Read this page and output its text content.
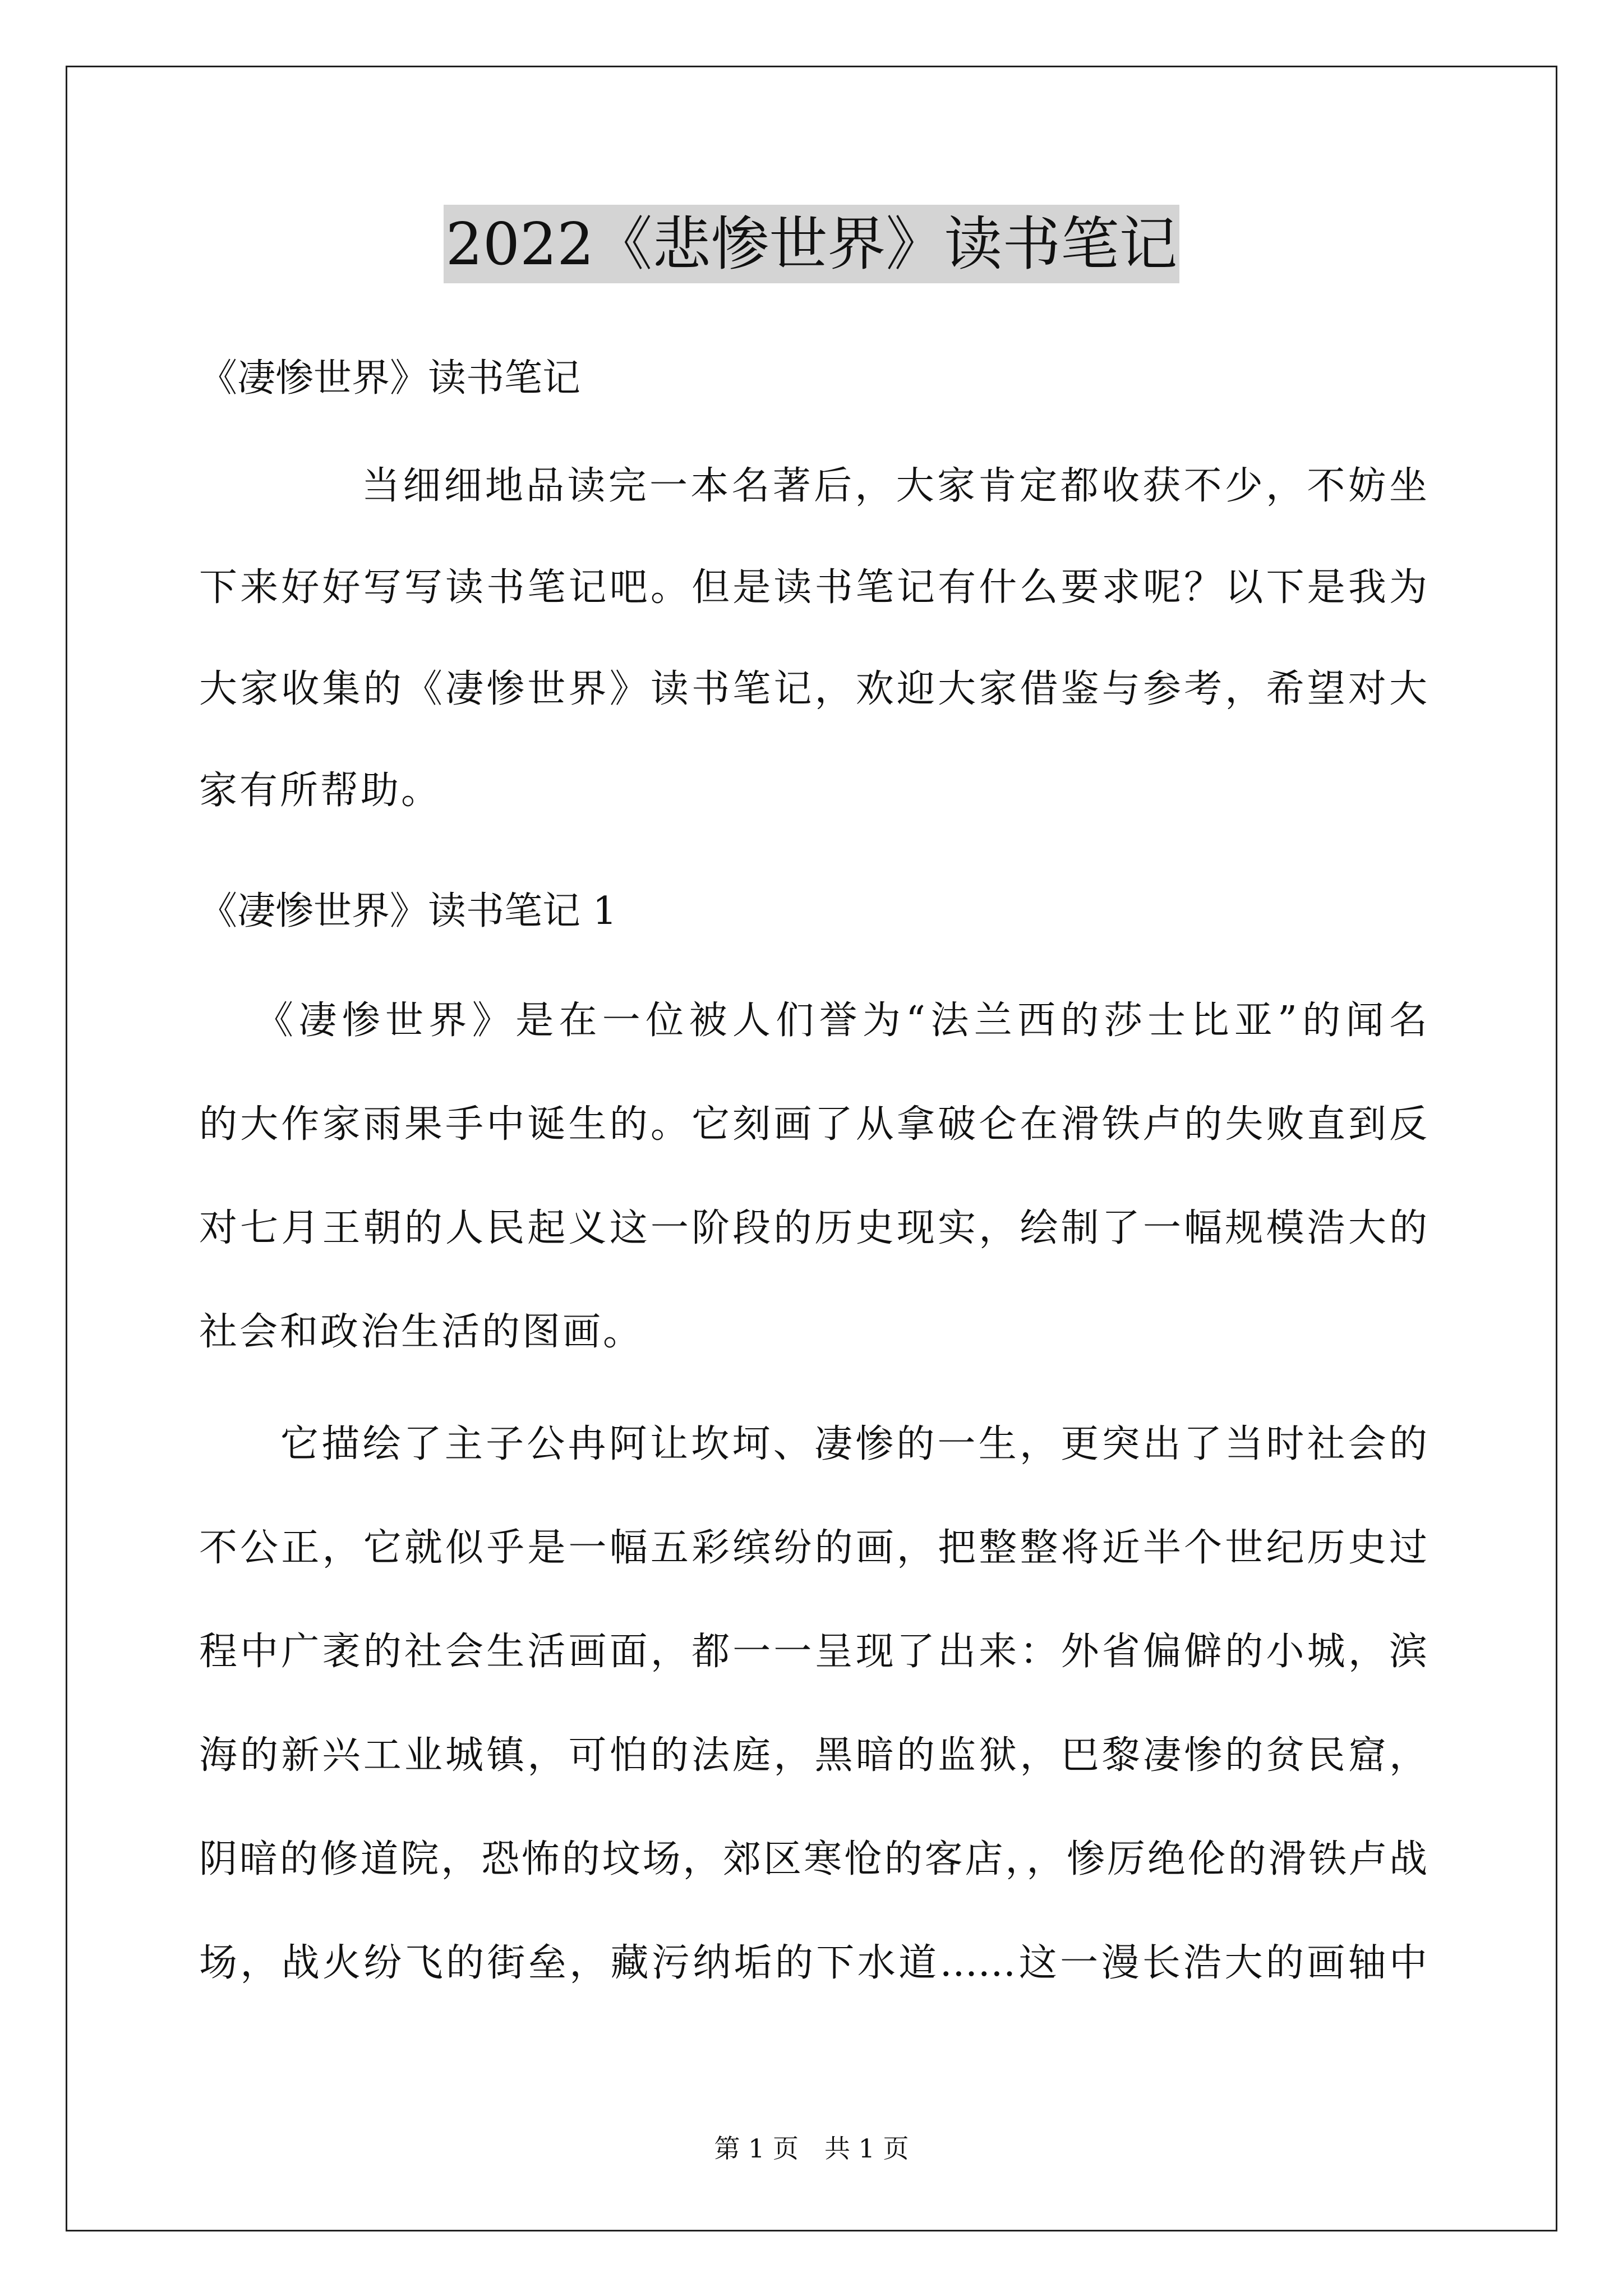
2022《悲惨世界》读书笔记
《凄惨世界》读书笔记
当细细地品读完一本名著后，大家肯定都收获不少，不妨坐
下来好好写写读书笔记吧。但是读书笔记有什么要求呢？以下是我为
大家收集的《凄惨世界》读书笔记，欢迎大家借鉴与参考，希望对大
家有所帮助。
《凄惨世界》读书笔记 1
《凄惨世界》是在一位被人们誉为“法兰西的莎士比亚”的闻名
的大作家雨果手中诞生的。它刻画了从拿破仑在滑铁卢的失败直到反
对七月王朝的人民起义这一阶段的历史现实，绘制了一幅规模浩大的
社会和政治生活的图画。
它描绘了主子公冉阿让坎坷、凄惨的一生，更突出了当时社会的
不公正，它就似乎是一幅五彩缤纷的画，把整整将近半个世纪历史过
程中广袤的社会生活画面，都一一呈现了出来：外省偏僻的小城，滨
海的新兴工业城镇，可怕的法庭，黑暗的监狱，巴黎凄惨的贫民窟，
阴暗的修道院，恐怖的坟场，郊区寒怆的客店，，惨厉绝伦的滑铁卢战
场，战火纷飞的街垒，藏污纳垢的下水道……这一漫长浩大的画轴中
第 1 页　共 1 页
